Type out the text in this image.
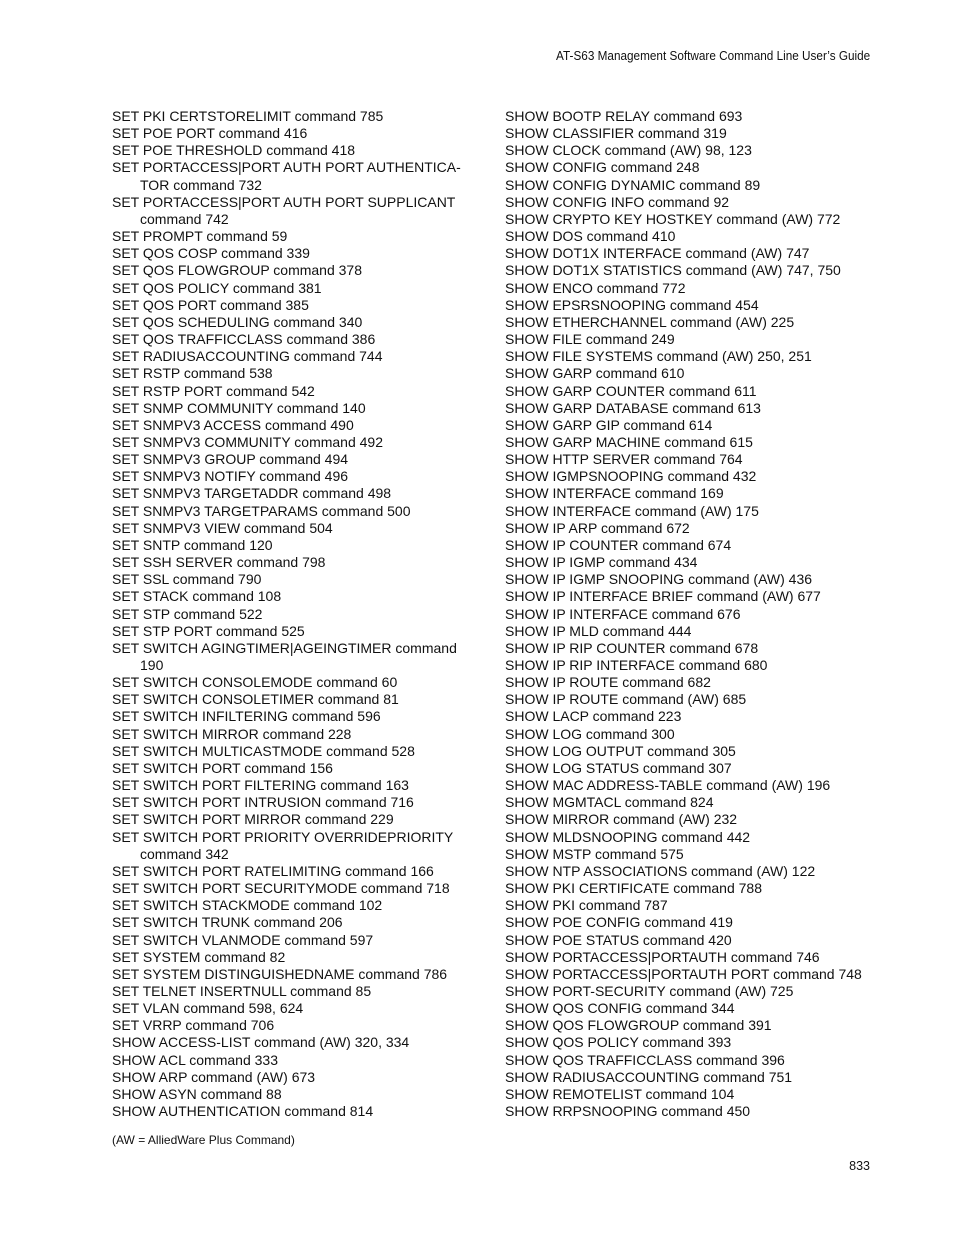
AT-S63 Management Software Command Line User’s Guide
SET PKI CERTSTORELIMIT command 785
SET POE PORT command 416
SET POE THRESHOLD command 418
SET PORTACCESS|PORT AUTH PORT AUTHENTICA-TOR command 732
SET PORTACCESS|PORT AUTH PORT SUPPLICANT command 742
SET PROMPT command 59
SET QOS COSP command 339
SET QOS FLOWGROUP command 378
SET QOS POLICY command 381
SET QOS PORT command 385
SET QOS SCHEDULING command 340
SET QOS TRAFFICCLASS command 386
SET RADIUSACCOUNTING command 744
SET RSTP command 538
SET RSTP PORT command 542
SET SNMP COMMUNITY command 140
SET SNMPV3 ACCESS command 490
SET SNMPV3 COMMUNITY command 492
SET SNMPV3 GROUP command 494
SET SNMPV3 NOTIFY command 496
SET SNMPV3 TARGETADDR command 498
SET SNMPV3 TARGETPARAMS command 500
SET SNMPV3 VIEW command 504
SET SNTP command 120
SET SSH SERVER command 798
SET SSL command 790
SET STACK command 108
SET STP command 522
SET STP PORT command 525
SET SWITCH AGINGTIMER|AGEINGTIMER command 190
SET SWITCH CONSOLEMODE command 60
SET SWITCH CONSOLETIMER command 81
SET SWITCH INFILTERING command 596
SET SWITCH MIRROR command 228
SET SWITCH MULTICASTMODE command 528
SET SWITCH PORT command 156
SET SWITCH PORT FILTERING command 163
SET SWITCH PORT INTRUSION command 716
SET SWITCH PORT MIRROR command 229
SET SWITCH PORT PRIORITY OVERRIDEPRIORITY command 342
SET SWITCH PORT RATELIMITING command 166
SET SWITCH PORT SECURITYMODE command 718
SET SWITCH STACKMODE command 102
SET SWITCH TRUNK command 206
SET SWITCH VLANMODE command 597
SET SYSTEM command 82
SET SYSTEM DISTINGUISHEDNAME command 786
SET TELNET INSERTNULL command 85
SET VLAN command 598, 624
SET VRRP command 706
SHOW ACCESS-LIST command (AW) 320, 334
SHOW ACL command 333
SHOW ARP command (AW) 673
SHOW ASYN command 88
SHOW AUTHENTICATION command 814
SHOW BOOTP RELAY command 693
SHOW CLASSIFIER command 319
SHOW CLOCK command (AW) 98, 123
SHOW CONFIG command 248
SHOW CONFIG DYNAMIC command 89
SHOW CONFIG INFO command 92
SHOW CRYPTO KEY HOSTKEY command (AW) 772
SHOW DOS command 410
SHOW DOT1X INTERFACE command (AW) 747
SHOW DOT1X STATISTICS command (AW) 747, 750
SHOW ENCO command 772
SHOW EPSRSNOOPING command 454
SHOW ETHERCHANNEL command (AW) 225
SHOW FILE command 249
SHOW FILE SYSTEMS command (AW) 250, 251
SHOW GARP command 610
SHOW GARP COUNTER command 611
SHOW GARP DATABASE command 613
SHOW GARP GIP command 614
SHOW GARP MACHINE command 615
SHOW HTTP SERVER command 764
SHOW IGMPSNOOPING command 432
SHOW INTERFACE command 169
SHOW INTERFACE command (AW) 175
SHOW IP ARP command 672
SHOW IP COUNTER command 674
SHOW IP IGMP command 434
SHOW IP IGMP SNOOPING command (AW) 436
SHOW IP INTERFACE BRIEF command (AW) 677
SHOW IP INTERFACE command 676
SHOW IP MLD command 444
SHOW IP RIP COUNTER command 678
SHOW IP RIP INTERFACE command 680
SHOW IP ROUTE command 682
SHOW IP ROUTE command (AW) 685
SHOW LACP command 223
SHOW LOG command 300
SHOW LOG OUTPUT command 305
SHOW LOG STATUS command 307
SHOW MAC ADDRESS-TABLE command (AW) 196
SHOW MGMTACL command 824
SHOW MIRROR command (AW) 232
SHOW MLDSNOOPING command 442
SHOW MSTP command 575
SHOW NTP ASSOCIATIONS command (AW) 122
SHOW PKI CERTIFICATE command 788
SHOW PKI command 787
SHOW POE CONFIG command 419
SHOW POE STATUS command 420
SHOW PORTACCESS|PORTAUTH command 746
SHOW PORTACCESS|PORTAUTH PORT command 748
SHOW PORT-SECURITY command (AW) 725
SHOW QOS CONFIG command 344
SHOW QOS FLOWGROUP command 391
SHOW QOS POLICY command 393
SHOW QOS TRAFFICCLASS command 396
SHOW RADIUSACCOUNTING command 751
SHOW REMOTELIST command 104
SHOW RRPSNOOPING command 450
(AW = AlliedWare Plus Command)
833
